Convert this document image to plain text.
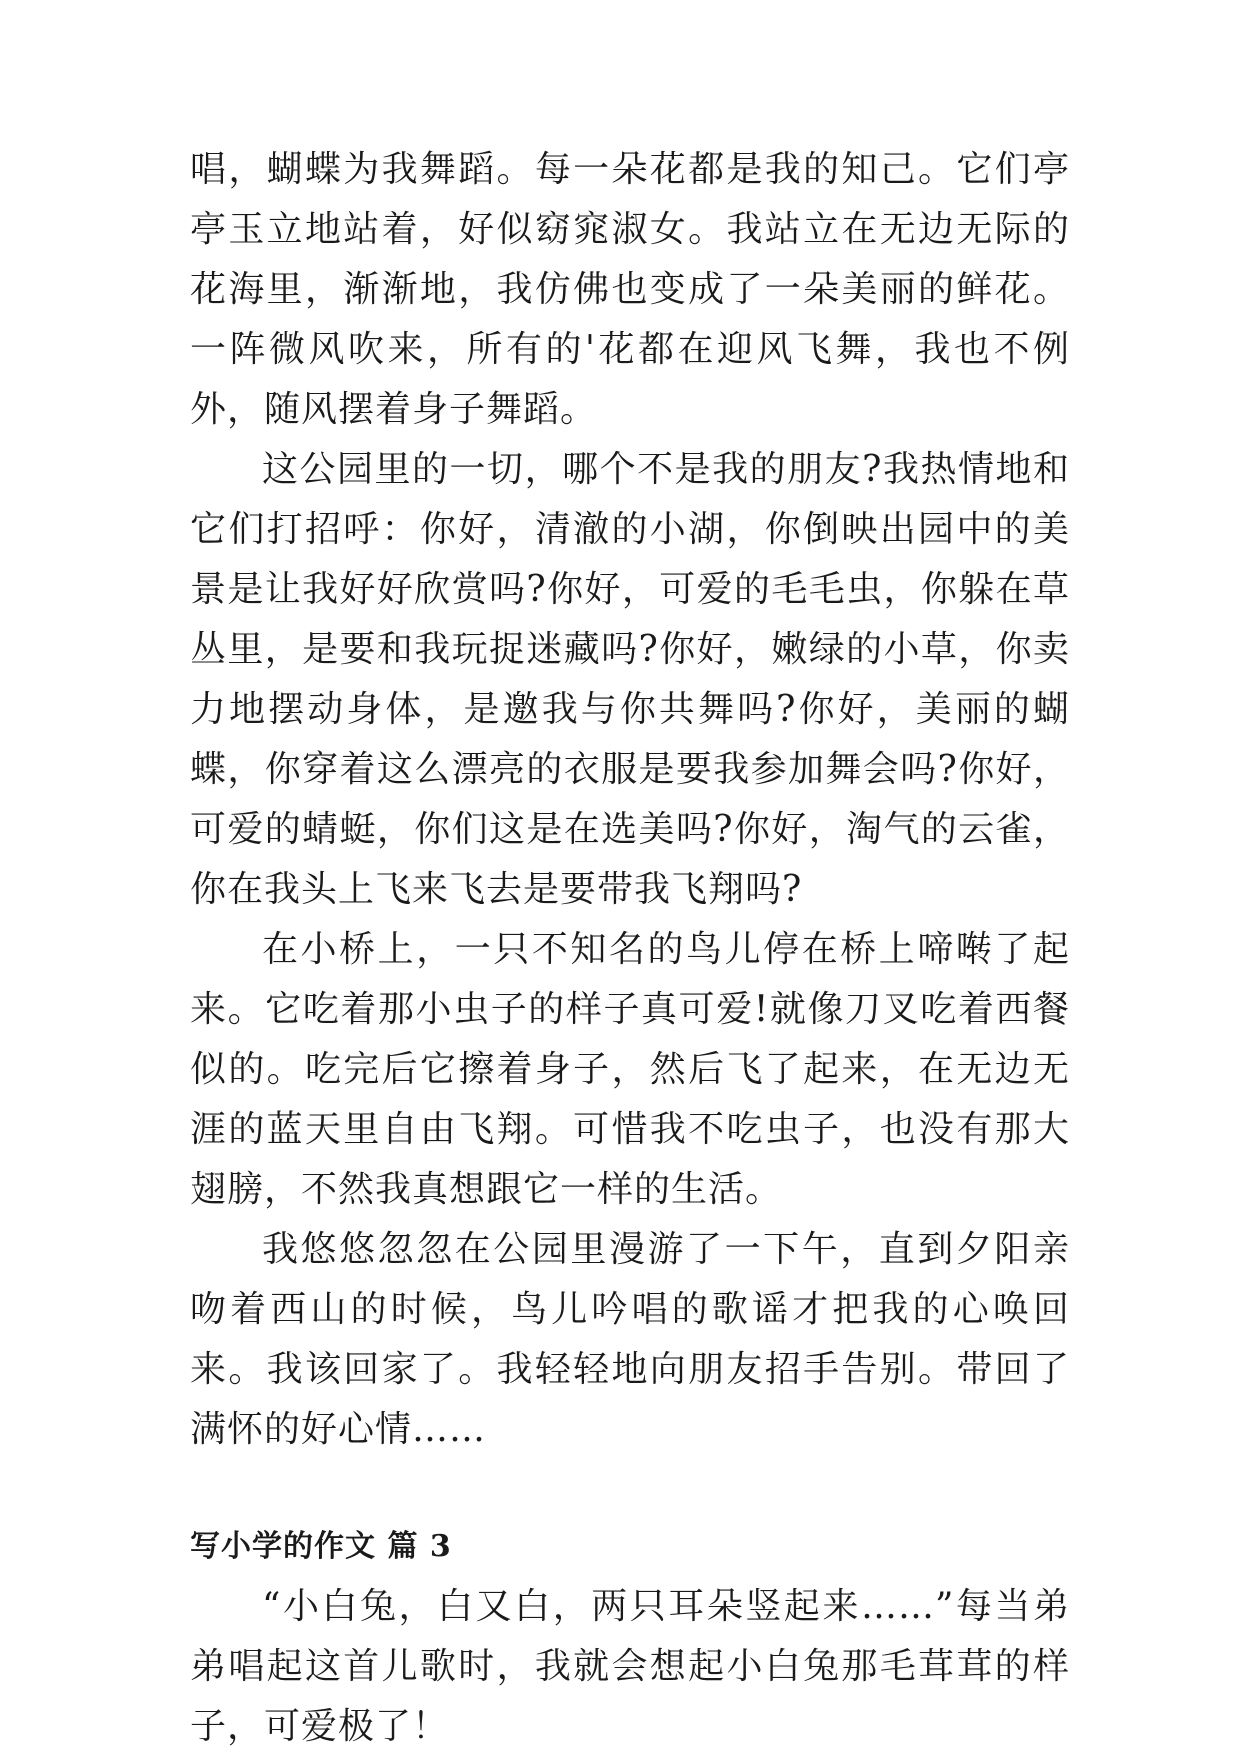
唱，蝴蝶为我舞蹈。每一朵花都是我的知己。它们亭亭玉立地站着，好似窈窕淑女。我站立在无边无际的花海里，渐渐地，我仿佛也变成了一朵美丽的鲜花。一阵微风吹来，所有的'花都在迎风飞舞，我也不例外，随风摆着身子舞蹈。

这公园里的一切，哪个不是我的朋友?我热情地和它们打招呼：你好，清澈的小湖，你倒映出园中的美景是让我好好欣赏吗?你好，可爱的毛毛虫，你躲在草丛里，是要和我玩捉迷藏吗?你好，嫩绿的小草，你卖力地摆动身体，是邀我与你共舞吗?你好，美丽的蝴蝶，你穿着这么漂亮的衣服是要我参加舞会吗?你好，可爱的蜻蜓，你们这是在选美吗?你好，淘气的云雀，你在我头上飞来飞去是要带我飞翔吗?

在小桥上，一只不知名的鸟儿停在桥上啼啭了起来。它吃着那小虫子的样子真可爱!就像刀叉吃着西餐似的。吃完后它擦着身子，然后飞了起来，在无边无涯的蓝天里自由飞翔。可惜我不吃虫子，也没有那大翅膀，不然我真想跟它一样的生活。

我悠悠忽忽在公园里漫游了一下午，直到夕阳亲吻着西山的时候，鸟儿吟唱的歌谣才把我的心唤回来。我该回家了。我轻轻地向朋友招手告别。带回了满怀的好心情……

写小学的作文 篇 3

“小白兔，白又白，两只耳朵竖起来……”每当弟弟唱起这首儿歌时，我就会想起小白兔那毛茸茸的样子，可爱极了！
